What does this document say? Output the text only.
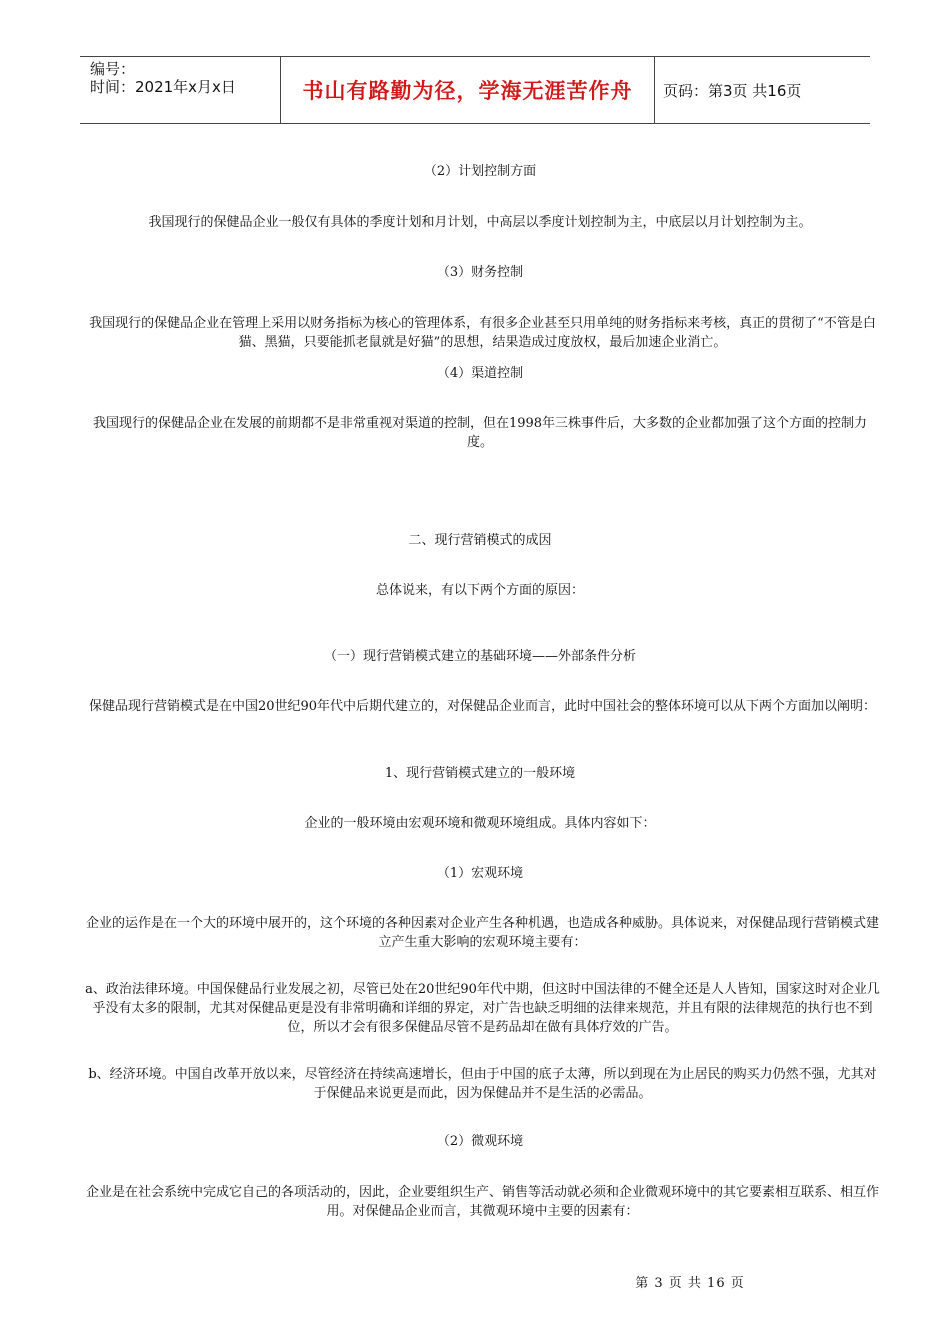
编号：
时间：2021年x月x日	书山有路勤为径，学海无涯苦作舟 页码：第3页 共16页

（2）计划控制方面

我国现行的保健品企业一般仅有具体的季度计划和月计划，中高层以季度计划控制为主，中底层以月计划控制为主。

（3）财务控制

我国现行的保健品企业在管理上采用以财务指标为核心的管理体系，有很多企业甚至只用单纯的财务指标来考核，真正的贯彻了“不管是白猫、黑猫，只要能抓老鼠就是好猫”的思想，结果造成过度放权，最后加速企业消亡。

（4）渠道控制

我国现行的保健品企业在发展的前期都不是非常重视对渠道的控制，但在1998年三株事件后，大多数的企业都加强了这个方面的控制力度。

二、现行营销模式的成因

总体说来，有以下两个方面的原因：

（一）现行营销模式建立的基础环境——外部条件分析

保健品现行营销模式是在中国20世纪90年代中后期代建立的，对保健品企业而言，此时中国社会的整体环境可以从下两个方面加以阐明：

1、现行营销模式建立的一般环境

企业的一般环境由宏观环境和微观环境组成。具体内容如下：

（1）宏观环境

企业的运作是在一个大的环境中展开的，这个环境的各种因素对企业产生各种机遇，也造成各种威胁。具体说来，对保健品现行营销模式建立产生重大影响的宏观环境主要有：

a、政治法律环境。中国保健品行业发展之初，尽管已处在20世纪90年代中期，但这时中国法律的不健全还是人人皆知，国家这时对企业几乎没有太多的限制，尤其对保健品更是没有非常明确和详细的界定，对广告也缺乏明细的法律来规范，并且有限的法律规范的执行也不到位，所以才会有很多保健品尽管不是药品却在做有具体疗效的广告。

b、经济环境。中国自改革开放以来，尽管经济在持续高速增长，但由于中国的底子太薄，所以到现在为止居民的购买力仍然不强，尤其对于保健品来说更是而此，因为保健品并不是生活的必需品。

（2）微观环境

企业是在社会系统中完成它自己的各项活动的，因此，企业要组织生产、销售等活动就必须和企业微观环境中的其它要素相互联系、相互作用。对保健品企业而言，其微观环境中主要的因素有：

第 3 页 共 16 页
